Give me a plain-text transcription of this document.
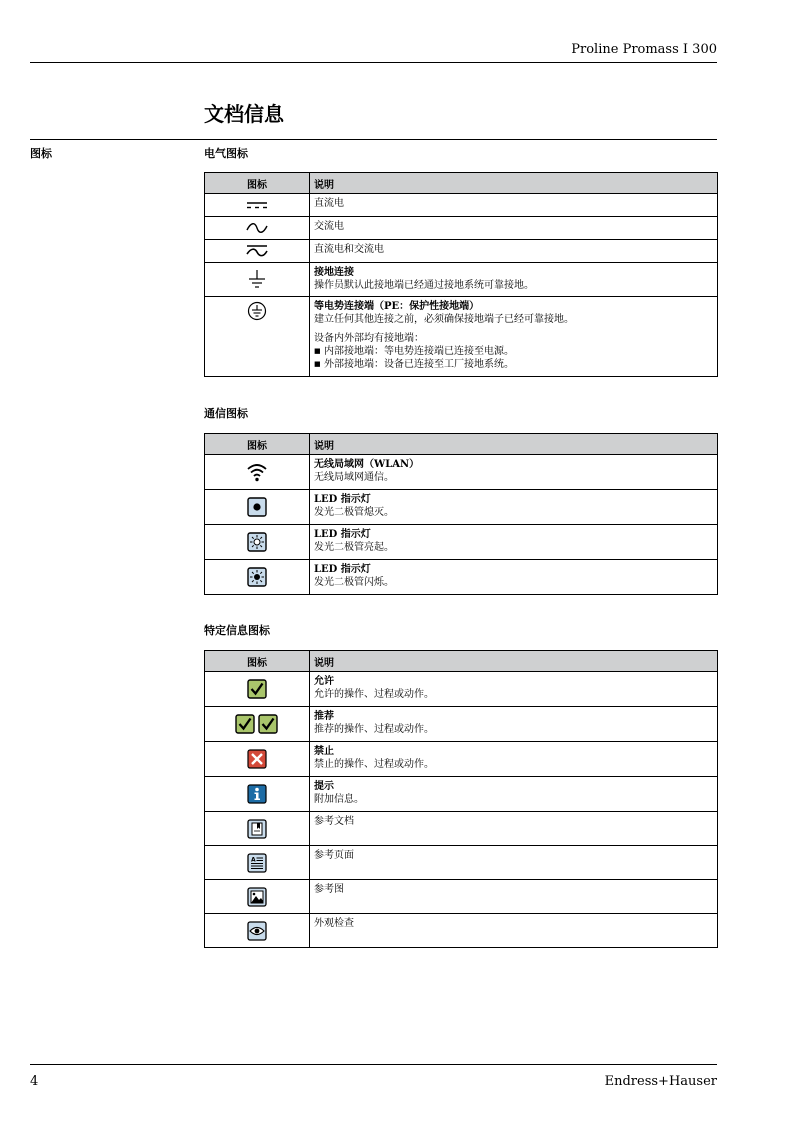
Proline Promass I 300
文档信息
图标	电气图标
图标	说明

直流电

交流电

直流电和交流电

接地连接
操作员默认此接地端已经通过接地系统可靠接地。

等电势连接端（PE：保护性接地端）
建立任何其他连接之前，必须确保接地端子已经可靠接地。
设备内外部均有接地端：
■ 内部接地端：等电势连接端已连接至电源。
■ 外部接地端：设备已连接至工厂接地系统。
通信图标
图标	说明

无线局域网（WLAN）
无线局域网通信。

LED 指示灯
发光二极管熄灭。

LED 指示灯
发光二极管亮起。

LED 指示灯
发光二极管闪烁。
特定信息图标
图标	说明

允许
允许的操作、过程或动作。

推荐
推荐的操作、过程或动作。

禁止
禁止的操作、过程或动作。

提示
附加信息。

参考文档

A	参考页面

参考图

外观检查
4	Endress+Hauser
